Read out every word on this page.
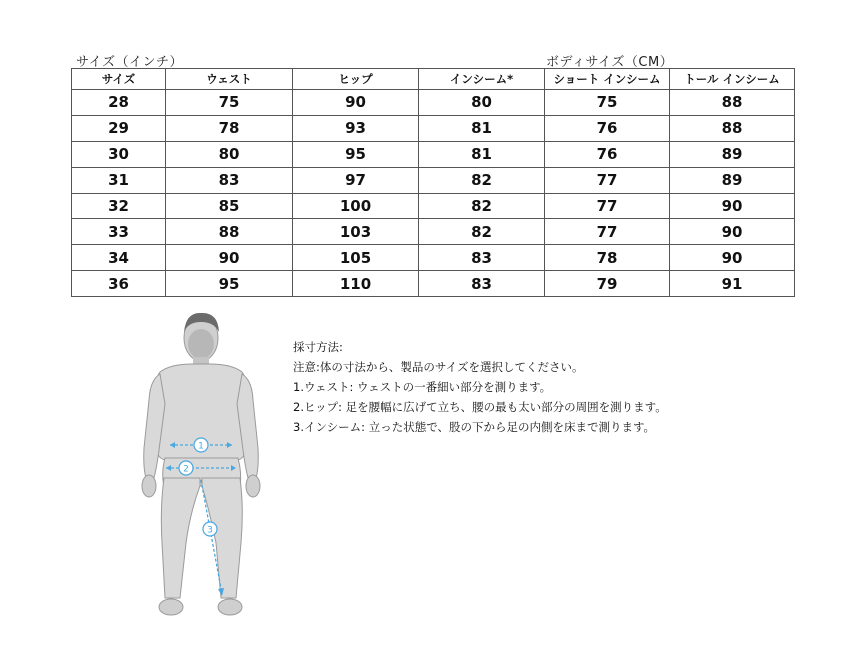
サイズ（インチ）	ボディサイズ（CM）
サイズ	ウェスト	ヒップ	インシーム*	ショート インシーム	トール インシーム
28	75	90	80	75	88
29	78	93	81	76	88
30	80	95	81	76	89
31	83	97	82	77	89
32	85	100	82	77	90
33	88	103	82	77	90
34	90	105	83	78	90
36	95	110	83	79	91
1
2
3

採寸方法:

注意:体の寸法から、製品のサイズを選択してください。

1.ウェスト: ウェストの一番細い部分を測ります。

2.ヒップ: 足を腰幅に広げて立ち、腰の最も太い部分の周囲を測ります。

3.インシーム: 立った状態で、股の下から足の内側を床まで測ります。
